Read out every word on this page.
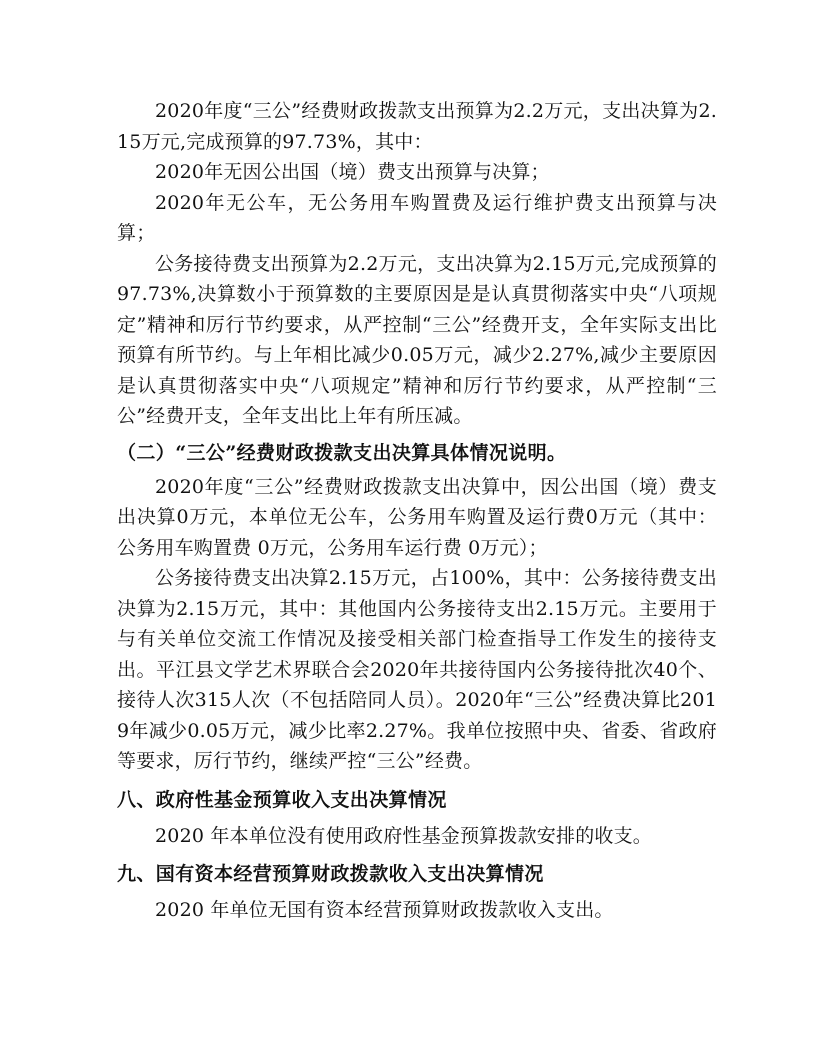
2020年度“三公”经费财政拨款支出预算为2.2万元，支出决算为2.15万元,完成预算的97.73%，其中：

2020年无因公出国（境）费支出预算与决算；

2020年无公车，无公务用车购置费及运行维护费支出预算与决算；

公务接待费支出预算为2.2万元，支出决算为2.15万元,完成预算的97.73%,决算数小于预算数的主要原因是是认真贯彻落实中央“八项规定”精神和厉行节约要求，从严控制“三公”经费开支，全年实际支出比预算有所节约。与上年相比减少0.05万元，减少2.27%,减少主要原因是认真贯彻落实中央“八项规定”精神和厉行节约要求，从严控制“三公”经费开支，全年支出比上年有所压减。

（二）“三公”经费财政拨款支出决算具体情况说明。

2020年度“三公”经费财政拨款支出决算中，因公出国（境）费支出决算0万元，本单位无公车，公务用车购置及运行费0万元（其中：公务用车购置费 0万元，公务用车运行费 0万元）；

公务接待费支出决算2.15万元，占100%，其中：公务接待费支出决算为2.15万元，其中：其他国内公务接待支出2.15万元。主要用于与有关单位交流工作情况及接受相关部门检查指导工作发生的接待支出。平江县文学艺术界联合会2020年共接待国内公务接待批次40个、接待人次315人次（不包括陪同人员）。2020年“三公”经费决算比2019年减少0.05万元，减少比率2.27%。我单位按照中央、省委、省政府等要求，厉行节约，继续严控“三公”经费。

八、政府性基金预算收入支出决算情况

2020 年本单位没有使用政府性基金预算拨款安排的收支。

九、国有资本经营预算财政拨款收入支出决算情况

2020 年单位无国有资本经营预算财政拨款收入支出。
